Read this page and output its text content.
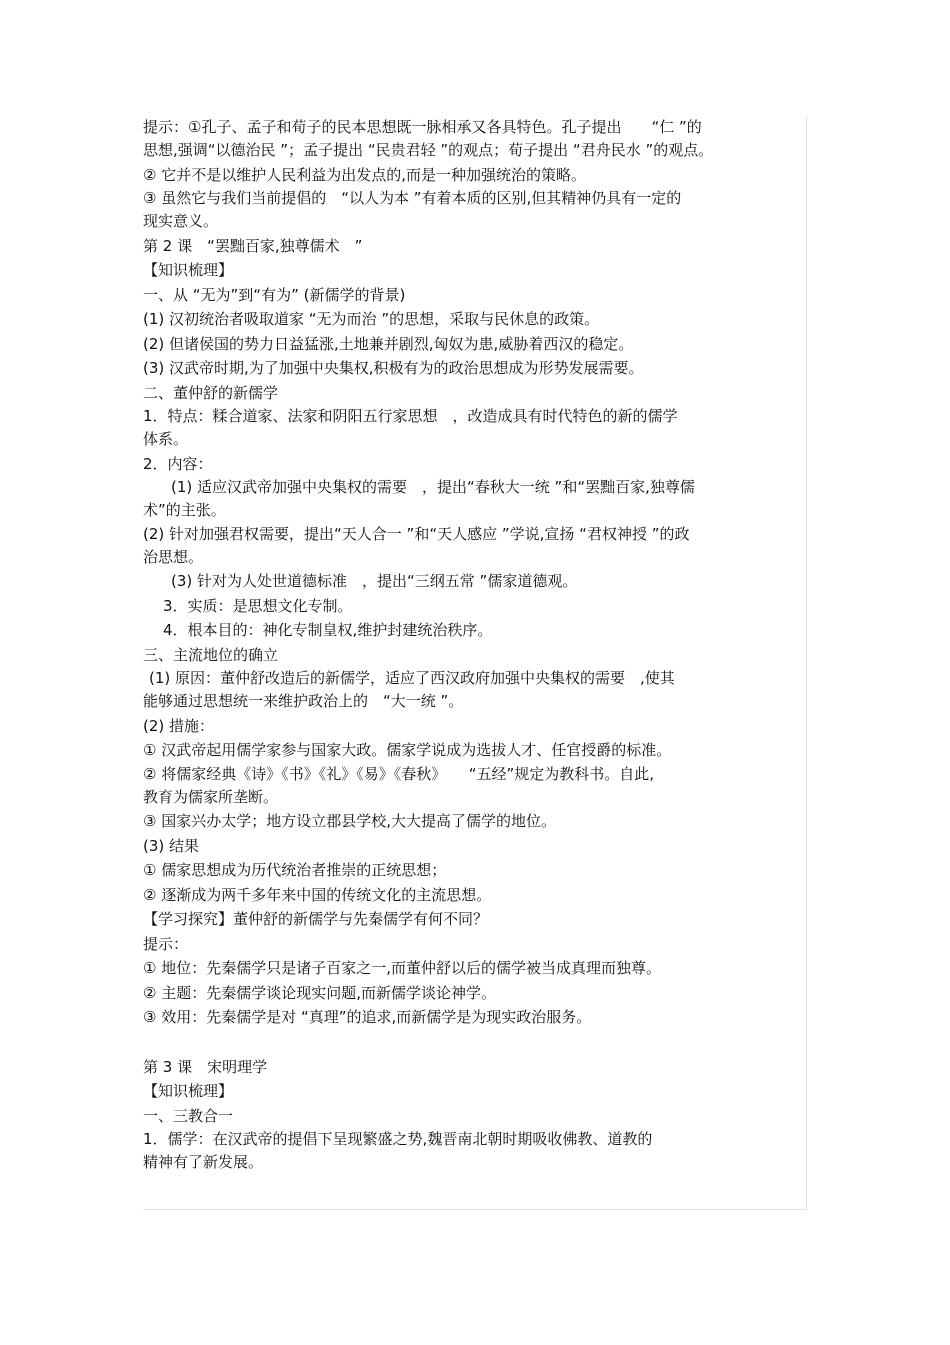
提示：①孔子、孟子和荀子的民本思想既一脉相承又各具特色。孔子提出　　“仁 ”的

思想,强调“以德治民 ”；孟子提出 “民贵君轻 ”的观点；荀子提出 “君舟民水 ”的观点。

② 它并不是以维护人民利益为出发点的,而是一种加强统治的策略。

③ 虽然它与我们当前提倡的　“以人为本 ”有着本质的区别,但其精神仍具有一定的

现实意义。

第 2 课　“罢黜百家,独尊儒术　”

【知识梳理】

一、从 “无为”到“有为” (新儒学的背景)

(1) 汉初统治者吸取道家 “无为而治 ”的思想，采取与民休息的政策。

(2) 但诸侯国的势力日益猛涨,土地兼并剧烈,匈奴为患,威胁着西汉的稳定。

(3) 汉武帝时期,为了加强中央集权,积极有为的政治思想成为形势发展需要。

二、董仲舒的新儒学

1．特点：糅合道家、法家和阴阳五行家思想　，改造成具有时代特色的新的儒学

体系。

2．内容：

(1) 适应汉武帝加强中央集权的需要　，提出“春秋大一统 ”和“罢黜百家,独尊儒

术”的主张。

(2) 针对加强君权需要，提出“天人合一 ”和“天人感应 ”学说,宣扬 “君权神授 ”的政

治思想。

(3) 针对为人处世道德标准　，提出“三纲五常 ”儒家道德观。

3．实质：是思想文化专制。

4．根本目的：神化专制皇权,维护封建统治秩序。

三、主流地位的确立

(1) 原因：董仲舒改造后的新儒学，适应了西汉政府加强中央集权的需要　,使其

能够通过思想统一来维护政治上的　“大一统 ”。

(2) 措施：

① 汉武帝起用儒学家参与国家大政。儒家学说成为选拔人才、任官授爵的标准。

② 将儒家经典《诗》《书》《礼》《易》《春秋》　　“五经”规定为教科书。自此,

教育为儒家所垄断。

③ 国家兴办太学；地方设立郡县学校,大大提高了儒学的地位。

(3) 结果

① 儒家思想成为历代统治者推崇的正统思想；

② 逐渐成为两千多年来中国的传统文化的主流思想。

【学习探究】董仲舒的新儒学与先秦儒学有何不同？

提示：

① 地位：先秦儒学只是诸子百家之一,而董仲舒以后的儒学被当成真理而独尊。

② 主题：先秦儒学谈论现实问题,而新儒学谈论神学。

③ 效用：先秦儒学是对 “真理”的追求,而新儒学是为现实政治服务。

第 3 课　宋明理学

【知识梳理】

一、三教合一

1．儒学：在汉武帝的提倡下呈现繁盛之势,魏晋南北朝时期吸收佛教、道教的

精神有了新发展。
